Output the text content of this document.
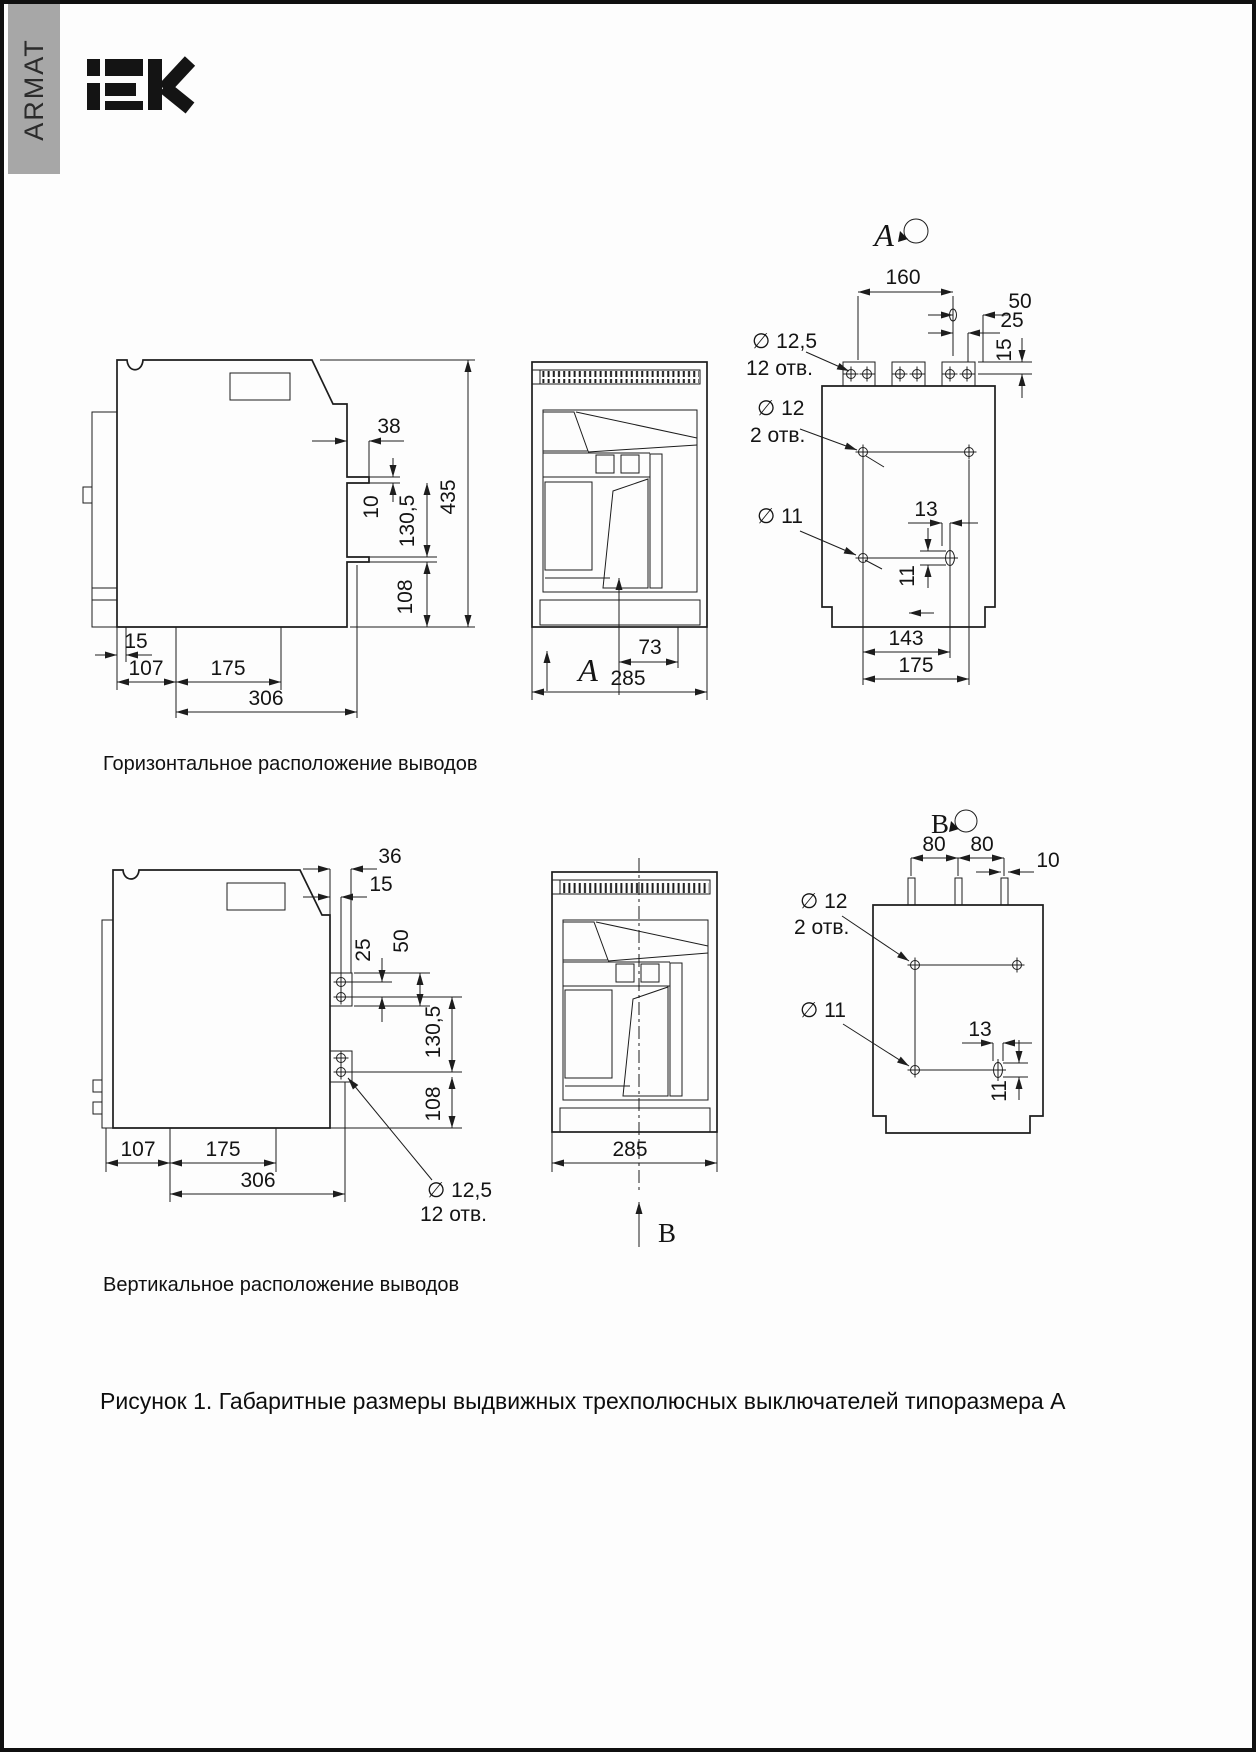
ARMAT
38
10 130,5
108
435
15
107 175
306
A
73
285
A
160
50
25
15
∅ 12,5
12 отв.
∅ 12
2 отв.
∅ 11	13
11
143
175
36
15
50
25
130,5
108
∅ 12,5
12 отв.
107 175
306
285
В
В
80 80
10
∅ 12
2 отв.
∅ 11
13
11
Горизонтальное расположение выводов
Вертикальное расположение выводов
Рисунок 1. Габаритные размеры выдвижных трехполюсных выключателей типоразмера А
